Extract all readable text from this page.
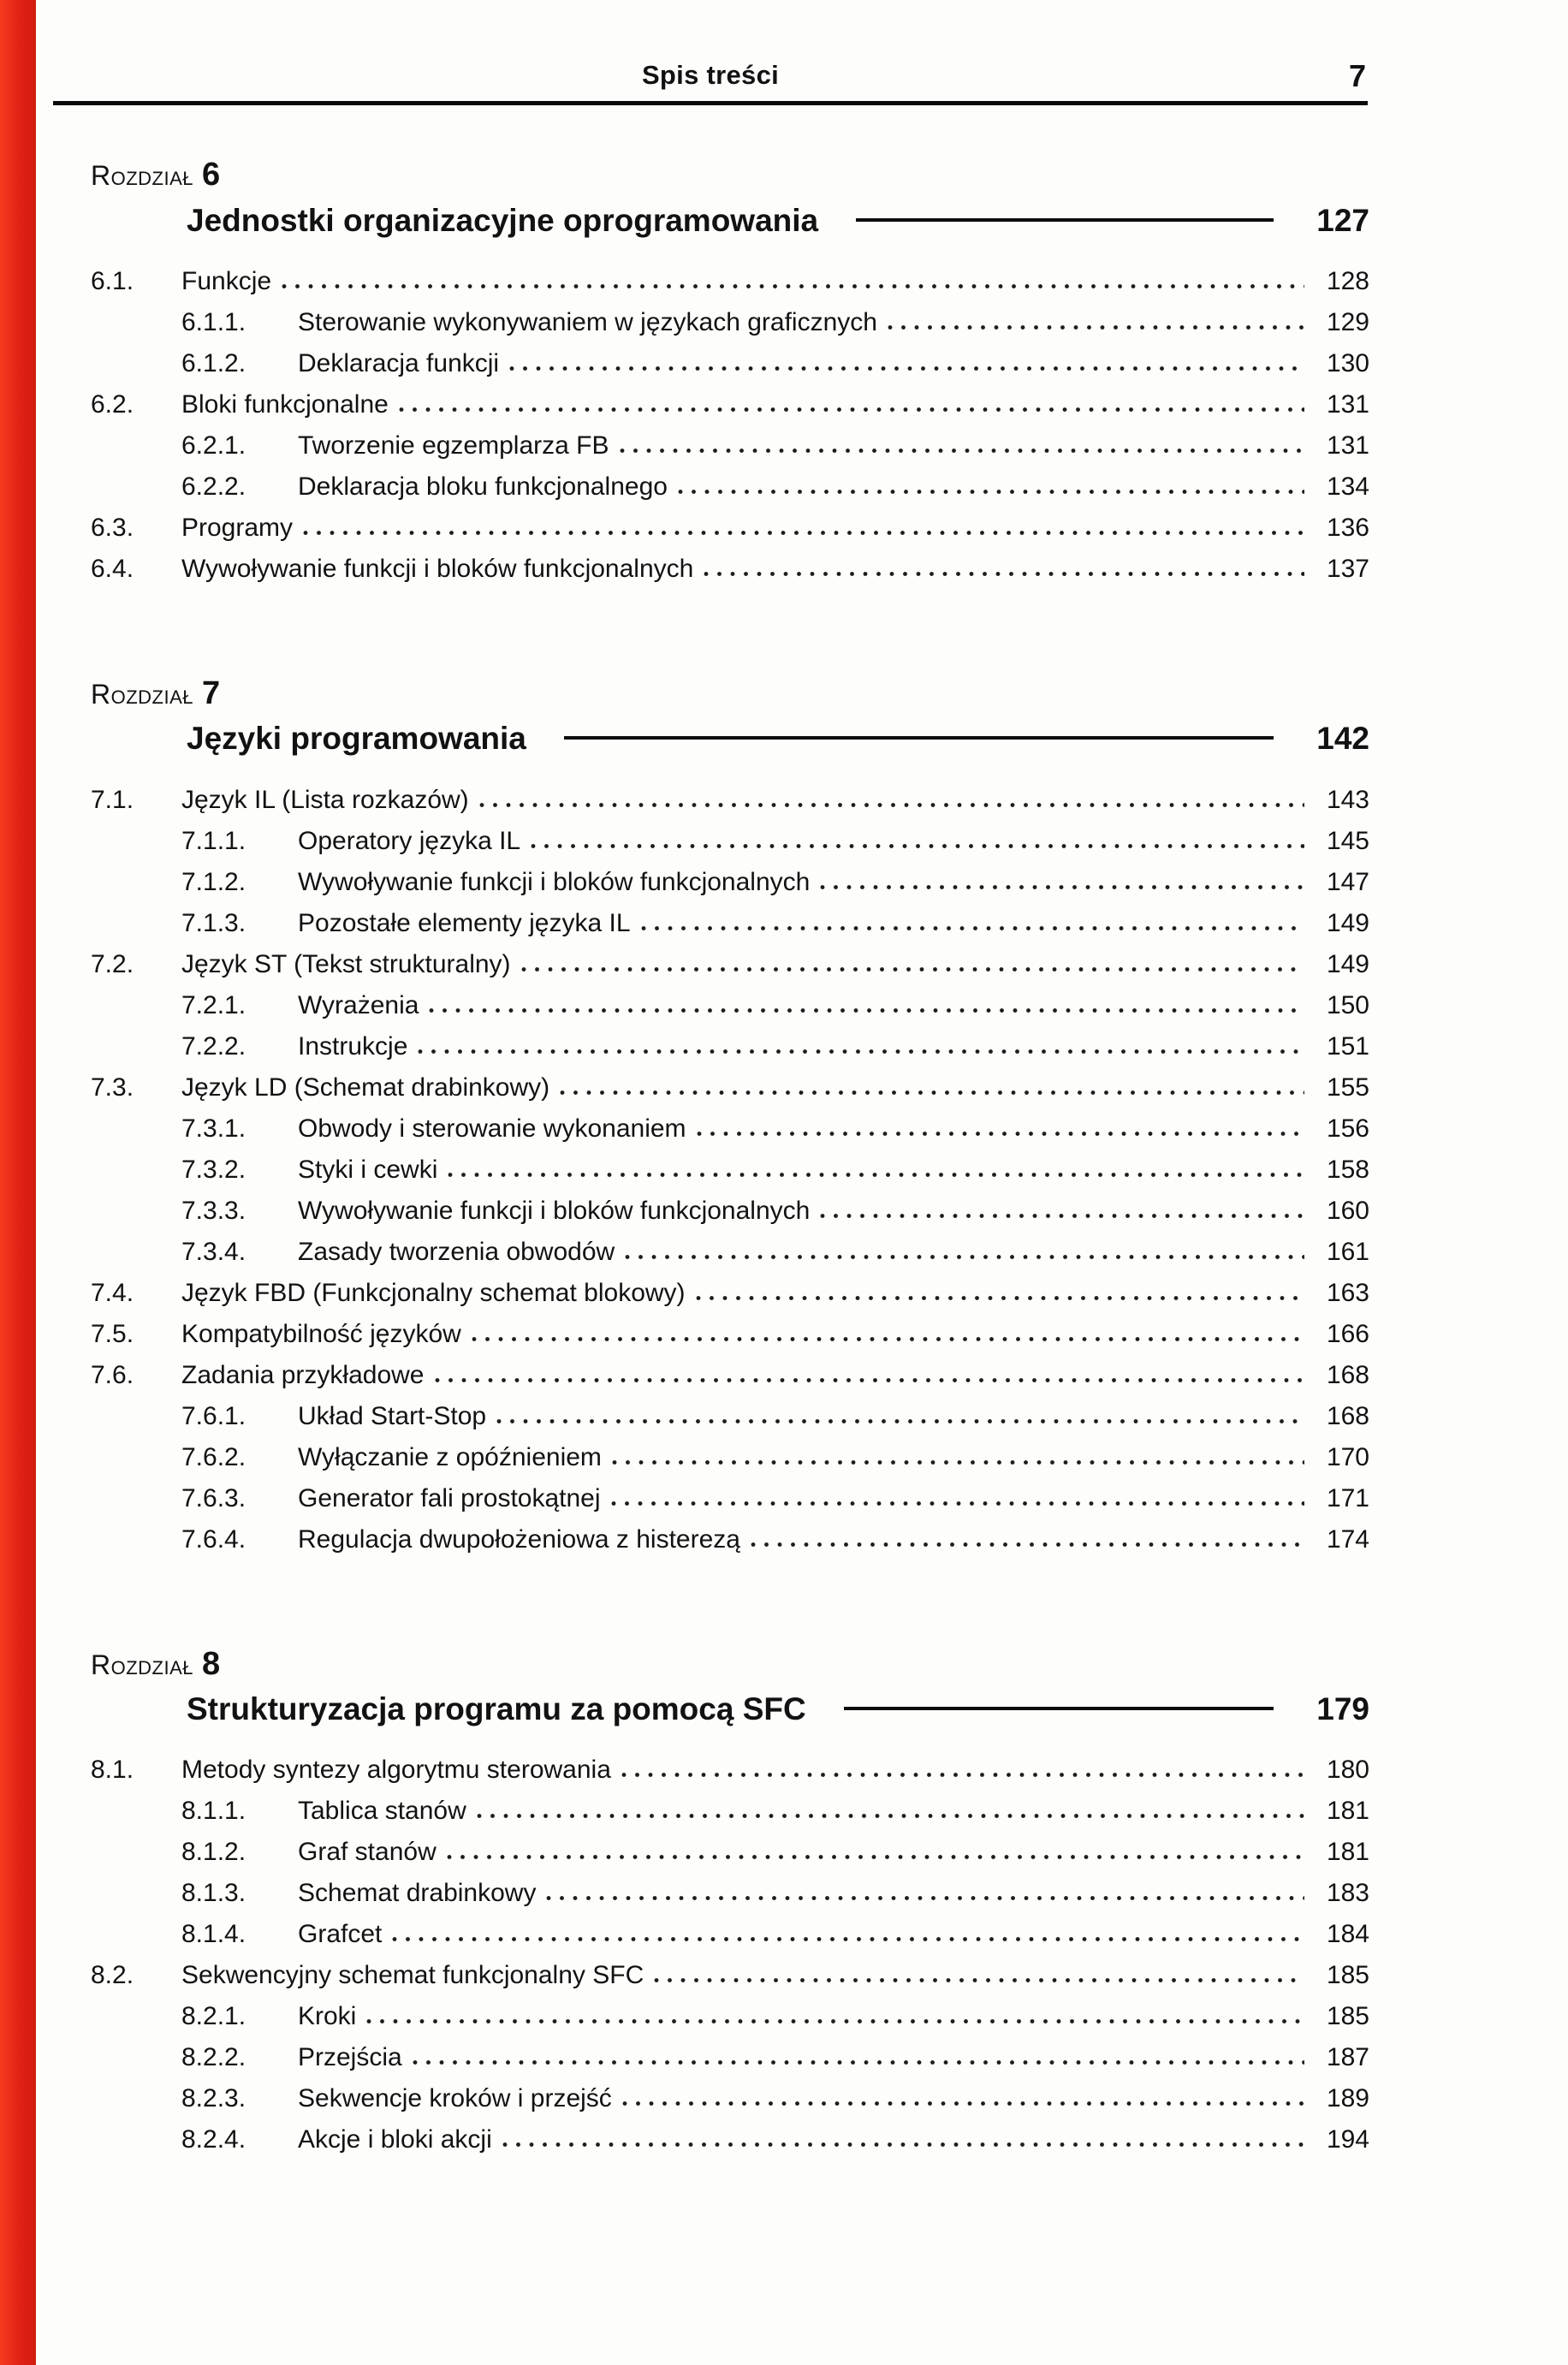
Spis treści	7
Rozdział 6
Jednostki organizacyjne oprogramowania	127
6.1.	Funkcje	128
6.1.1.	Sterowanie wykonywaniem w językach graficznych	129
6.1.2.	Deklaracja funkcji	130
6.2.	Bloki funkcjonalne	131
6.2.1.	Tworzenie egzemplarza FB	131
6.2.2.	Deklaracja bloku funkcjonalnego	134
6.3.	Programy	136
6.4.	Wywoływanie funkcji i bloków funkcjonalnych	137
Rozdział 7
Języki programowania	142
7.1.	Język IL (Lista rozkazów)	143
7.1.1.	Operatory języka IL	145
7.1.2.	Wywoływanie funkcji i bloków funkcjonalnych	147
7.1.3.	Pozostałe elementy języka IL	149
7.2.	Język ST (Tekst strukturalny)	149
7.2.1.	Wyrażenia	150
7.2.2.	Instrukcje	151
7.3.	Język LD (Schemat drabinkowy)	155
7.3.1.	Obwody i sterowanie wykonaniem	156
7.3.2.	Styki i cewki	158
7.3.3.	Wywoływanie funkcji i bloków funkcjonalnych	160
7.3.4.	Zasady tworzenia obwodów	161
7.4.	Język FBD (Funkcjonalny schemat blokowy)	163
7.5.	Kompatybilność języków	166
7.6.	Zadania przykładowe	168
7.6.1.	Układ Start-Stop	168
7.6.2.	Wyłączanie z opóźnieniem	170
7.6.3.	Generator fali prostokątnej	171
7.6.4.	Regulacja dwupołożeniowa z histerezą	174
Rozdział 8
Strukturyzacja programu za pomocą SFC	179
8.1.	Metody syntezy algorytmu sterowania	180
8.1.1.	Tablica stanów	181
8.1.2.	Graf stanów	181
8.1.3.	Schemat drabinkowy	183
8.1.4.	Grafcet	184
8.2.	Sekwencyjny schemat funkcjonalny SFC	185
8.2.1.	Kroki	185
8.2.2.	Przejścia	187
8.2.3.	Sekwencje kroków i przejść	189
8.2.4.	Akcje i bloki akcji	194
